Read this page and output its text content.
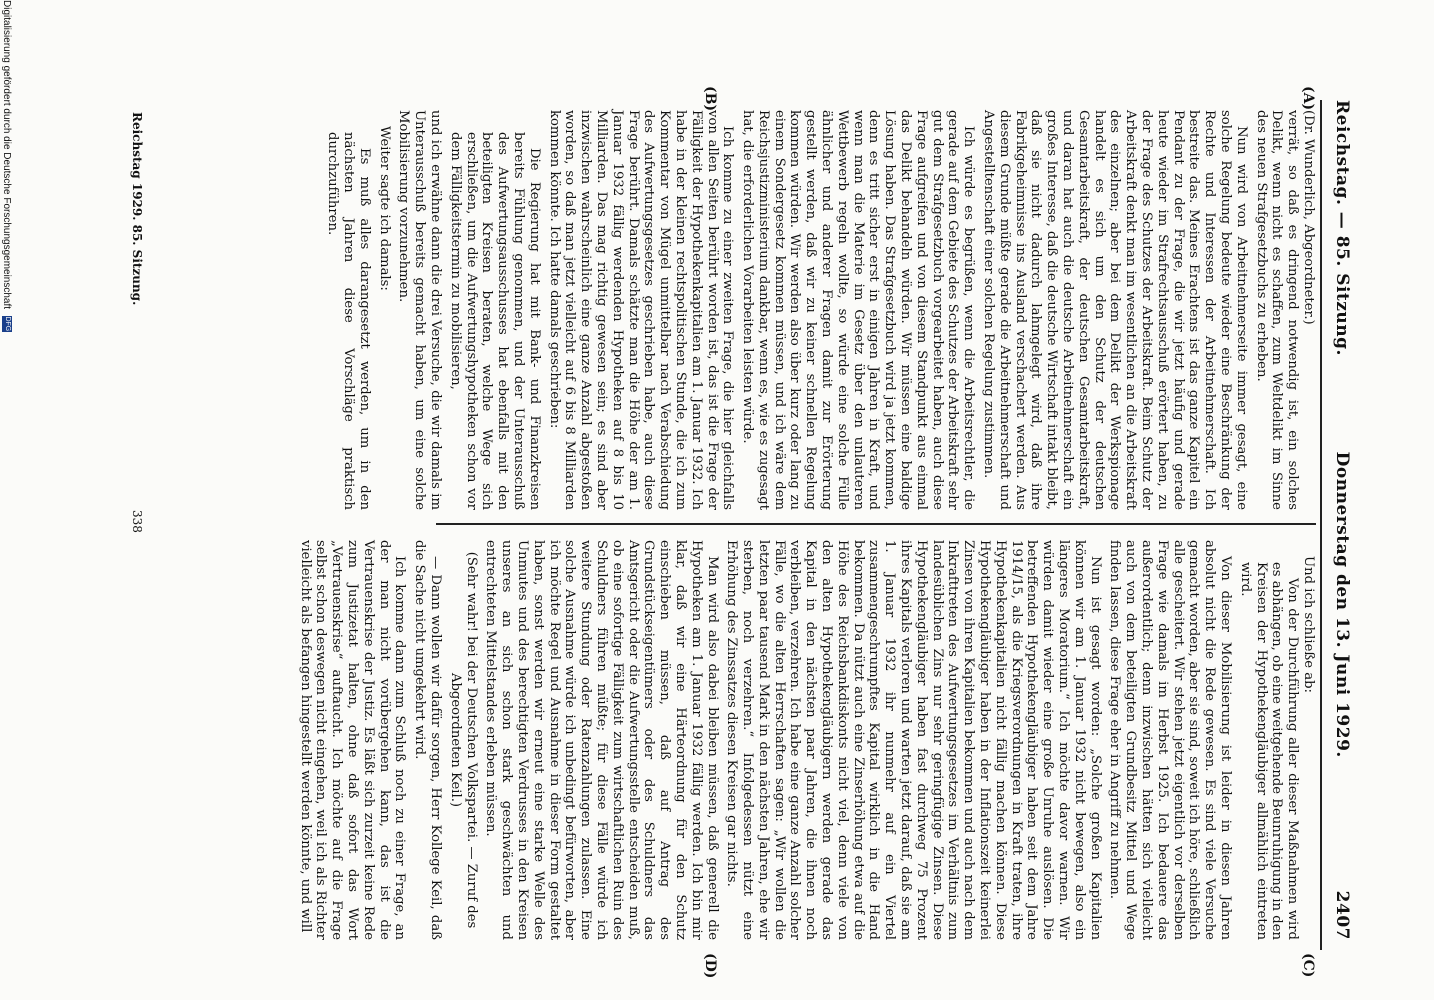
Reichstag. — 85. Sitzung.
Donnerstag den 13. Juni 1929.  2407
(A)
(B)
(C)
(D)

(Dr. Wunderlich, Abgeordneter.)

verrät, so daß es dringend notwendig ist, ein solches Delikt, wenn nicht es schaffen, zum Weltdelikt im Sinne des neuen Strafgesetzbuchs zu erheben.

Nun wird von Arbeitnehmerseite immer gesagt, eine solche Regelung bedeute wieder eine Beschränkung der Rechte und Interessen der Arbeitnehmerschaft. Ich bestreite das. Meines Erachtens ist das ganze Kapitel ein Pendant zu der Frage, die wir jetzt häufig und gerade heute wieder im Strafrechtsausschuß erörtert haben, zu der Frage des Schutzes der Arbeitskraft. Beim Schutz der Arbeitskraft denkt man im wesentlichen an die Arbeitskraft des einzelnen; aber bei dem Delikt der Werkspionage handelt es sich um den Schutz der deutschen Gesamtarbeitskraft, der deutschen Gesamtarbeitskraft, und daran hat auch die deutsche Arbeitnehmerschaft ein großes Interesse, daß die deutsche Wirtschaft intakt bleibt, daß sie nicht dadurch lahmgelegt wird, daß ihre Fabrikgeheimnisse ins Ausland verschachert werden. Aus diesem Grunde müßte gerade die Arbeitnehmerschaft und Angestelltenschaft einer solchen Regelung zustimmen.

Ich würde es begrüßen, wenn die Arbeitsrechtler, die gerade auf dem Gebiete des Schutzes der Arbeitskraft sehr gut dem Strafgesetzbuch vorgearbeitet haben, auch diese Frage aufgreifen und von diesem Standpunkt aus einmal das Delikt behandeln würden. Wir müssen eine baldige Lösung haben. Das Strafgesetzbuch wird ja jetzt kommen, denn es tritt sicher erst in einigen Jahren in Kraft, und wenn man die Materie im Gesetz über den unlauteren Wettbewerb regeln wollte, so würde eine solche Fülle ähnlicher und anderer Fragen damit zur Erörterung gestellt werden, daß wir zu keiner schnellen Regelung kommen würden. Wir werden also über kurz oder lang zu einem Sondergesetz kommen müssen, und ich wäre dem Reichsjustizministerium dankbar, wenn es, wie es zugesagt hat, die erforderlichen Vorarbeiten leisten würde.

Ich komme zu einer zweiten Frage, die hier gleichfalls von allen Seiten berührt worden ist, das ist die Frage der Fälligkeit der Hypothekenkapitalien am 1. Januar 1932. Ich habe in der kleinen rechtspolitischen Stunde, die ich zum Kommentar von Mügel unmittelbar nach Verabschiedung des Aufwertungsgesetzes geschrieben habe, auch diese Frage berührt. Damals schätzte man die Höhe der am 1. Januar 1932 fällig werdenden Hypotheken auf 8 bis 10 Milliarden. Das mag richtig gewesen sein; es sind aber inzwischen wahrscheinlich eine ganze Anzahl abgestoßen worden, so daß man jetzt vielleicht auf 6 bis 8 Milliarden kommen könnte. Ich hatte damals geschrieben:

Die Regierung hat mit Bank- und Finanzkreisen bereits Fühlung genommen, und der Unterausschuß des Aufwertungsausschusses hat ebenfalls mit den beteiligten Kreisen beraten, welche Wege sich erschließen, um die Aufwertungshypotheken schon vor dem Fälligkeitstermin zu mobilisieren,

und ich erwähne dann die drei Versuche, die wir damals im Unterausschuß bereits gemacht haben, um eine solche Mobilisierung vorzunehmen.

Weiter sagte ich damals:

Es muß alles darangesetzt werden, um in den nächsten Jahren diese Vorschläge praktisch durchzuführen.

Und ich schließe ab:

Von der Durchführung aller dieser Maßnahmen wird es abhängen, ob eine weitgehende Beunruhigung in den Kreisen der Hypothekengläubiger allmählich eintreten wird.

Von dieser Mobilisierung ist leider in diesen Jahren absolut nicht die Rede gewesen. Es sind viele Versuche gemacht worden, aber sie sind, soweit ich höre, schließlich alle gescheitert. Wir stehen jetzt eigentlich vor derselben Frage wie damals im Herbst 1925. Ich bedauere das außerordentlich; denn inzwischen hätten sich vielleicht auch von dem beteiligten Grundbesitz Mittel und Wege finden lassen, diese Frage eher in Angriff zu nehmen.

Nun ist gesagt worden: „Solche großen Kapitalien können wir am 1. Januar 1932 nicht bewegen, also ein längeres Moratorium.“ Ich möchte davor warnen. Wir würden damit wieder eine große Unruhe auslösen. Die betreffenden Hypothekengläubiger haben seit dem Jahre 1914/15, als die Kriegsverordnungen in Kraft traten, ihre Hypothekenkapitalien nicht fällig machen können. Diese Hypothekengläubiger haben in der Inflationszeit keinerlei Zinsen von ihren Kapitalien bekommen und auch nach dem Inkrafttreten des Aufwertungsgesetzes im Verhältnis zum landesüblichen Zins nur sehr geringfügige Zinsen. Diese Hypothekengläubiger haben fast durchweg 75 Prozent ihres Kapitals verloren und warten jetzt darauf, daß sie am 1. Januar 1932 ihr nunmehr auf ein Viertel zusammengeschrumpftes Kapital wirklich in die Hand bekommen. Da nützt auch eine Zinserhöhung etwa auf die Höhe des Reichsbankdiskonts nicht viel, denn viele von den alten Hypothekengläubigern werden gerade das Kapital in den nächsten paar Jahren, die ihnen noch verbleiben, verzehren. Ich habe eine ganze Anzahl solcher Fälle, wo die alten Herrschaften sagen: „Wir wollen die letzten paar tausend Mark in den nächsten Jahren, ehe wir sterben, noch verzehren.“ Infolgedessen nützt eine Erhöhung des Zinssatzes diesen Kreisen gar nichts.

Man wird also dabei bleiben müssen, daß generell die Hypotheken am 1. Januar 1932 fällig werden. Ich bin mir klar, daß wir eine Härteordnung für den Schutz einschieben müssen, daß auf Antrag des Grundstückseigentümers oder des Schuldners das Amtsgericht oder die Aufwertungsstelle entscheiden muß, ob eine sofortige Fälligkeit zum wirtschaftlichen Ruin des Schuldners führen müßte; für diese Fälle würde ich weitere Stundung oder Ratenzahlungen zulassen. Eine solche Ausnahme würde ich unbedingt befürworten, aber ich möchte Regel und Ausnahme in dieser Form gestaltet haben, sonst werden wir erneut eine starke Welle des Unmutes und des berechtigten Verdrusses in den Kreisen unseres an sich schon stark geschwächten und entrechteten Mittelstandes erleben müssen.

(Sehr wahr! bei der Deutschen Volkspartei. — Zuruf des Abgeordneten Keil.)

— Dann wollen wir dafür sorgen, Herr Kollege Keil, daß die Sache nicht umgekehrt wird.

Ich komme dann zum Schluß noch zu einer Frage, an der man nicht vorübergehen kann, das ist die Vertrauenskrise der Justiz. Es läßt sich zurzeit keine Rede zum Justizetat halten, ohne daß sofort das Wort „Vertrauenskrise“ auftaucht. Ich möchte auf die Frage selbst schon deswegen nicht eingehen, weil ich als Richter vielleicht als befangen hingestellt werden könnte, und will

Reichstag 1929. 85. Sitzung.
338
Digitalisierung gefördert durch die Deutsche Forschungsgemeinschaft DFG
